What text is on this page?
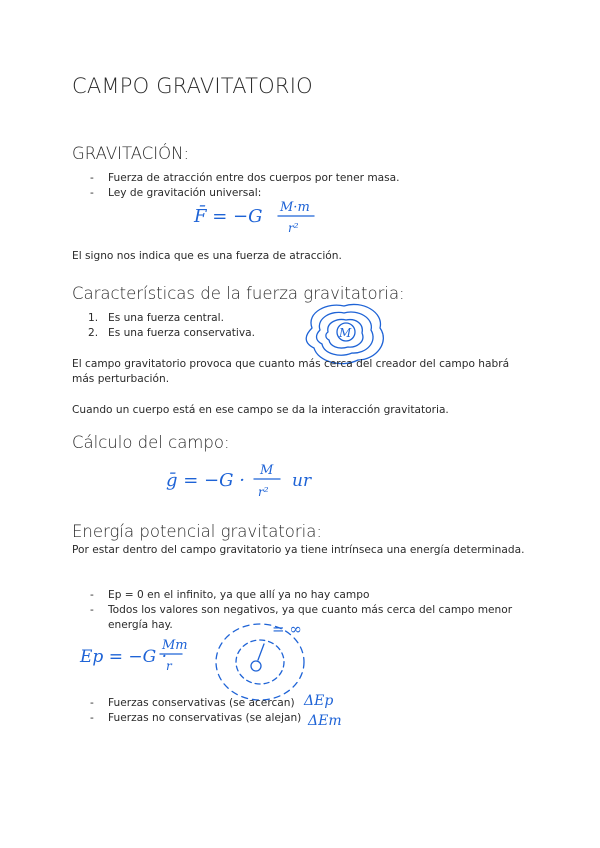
CAMPO GRAVITATORIO
GRAVITACIÓN:
- Fuerza de atracción entre dos cuerpos por tener masa.
- Ley de gravitación universal:
F̄ = −G M·m
r²
El signo nos indica que es una fuerza de atracción.
Características de la fuerza gravitatoria:
1. Es una fuerza central.
2. Es una fuerza conservativa.	M
El campo gravitatorio provoca que cuanto más cerca del creador del campo habrá más perturbación.
Cuando un cuerpo está en ese campo se da la interacción gravitatoria.
Cálculo del campo:
ḡ = −G · M
r²
ur
Energía potencial gravitatoria:
Por estar dentro del campo gravitatorio ya tiene intrínseca una energía determinada.
- Ep = 0 en el infinito, ya que allí ya no hay campo
- Todos los valores son negativos, ya que cuanto más cerca del campo menor energía hay.
Ep = −G ·
Mm
r
= ∞
- Fuerzas conservativas (se acercan)
- Fuerzas no conservativas (se alejan)
ΔEp
ΔEm
